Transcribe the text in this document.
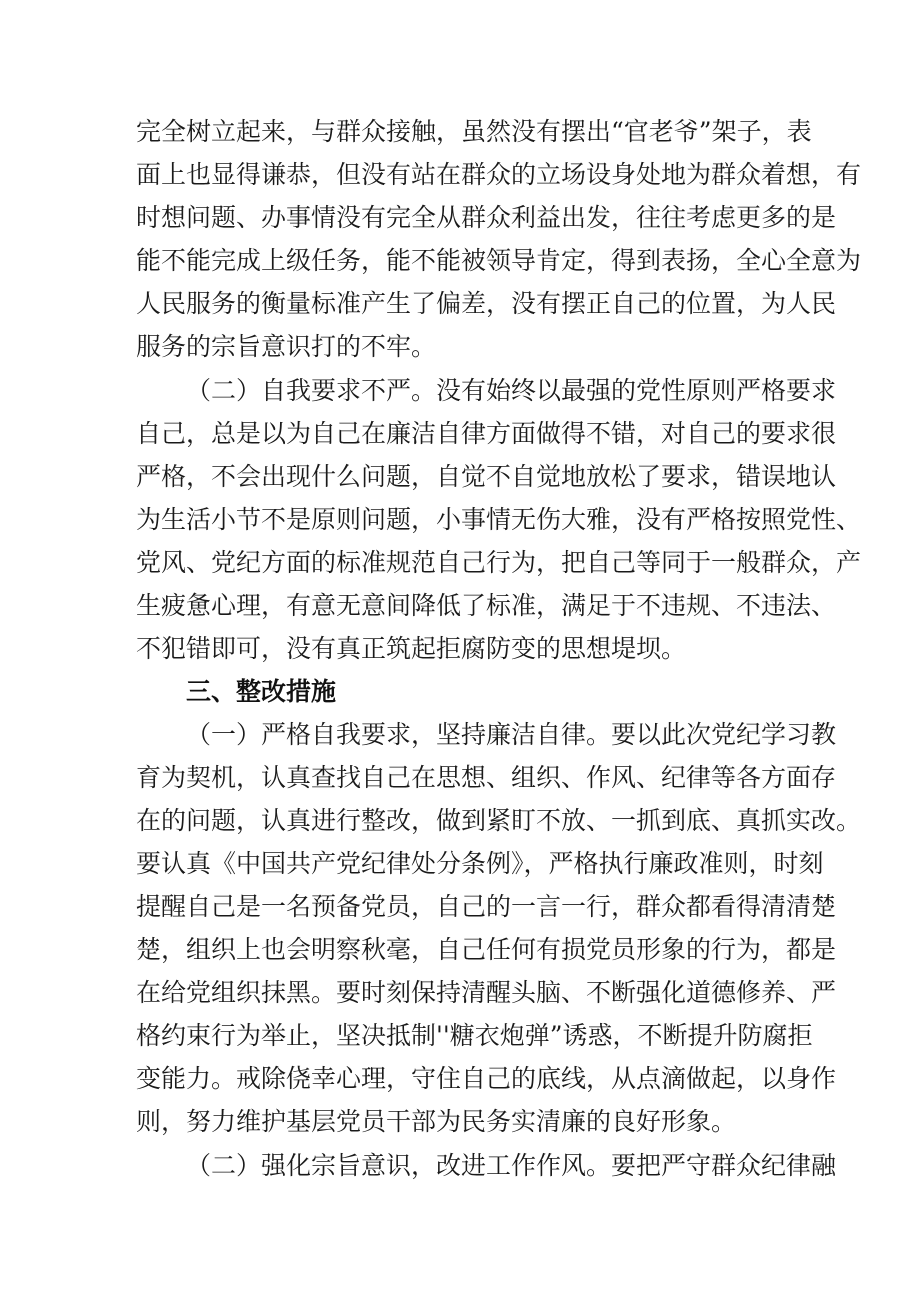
完全树立起来，与群众接触，虽然没有摆出“官老爷”架子，表
面上也显得谦恭，但没有站在群众的立场设身处地为群众着想，有
时想问题、办事情没有完全从群众利益出发，往往考虑更多的是
能不能完成上级任务，能不能被领导肯定，得到表扬，全心全意为
人民服务的衡量标准产生了偏差，没有摆正自己的位置，为人民
服务的宗旨意识打的不牢。
（二）自我要求不严。没有始终以最强的党性原则严格要求
自己，总是以为自己在廉洁自律方面做得不错，对自己的要求很
严格，不会出现什么问题，自觉不自觉地放松了要求，错误地认
为生活小节不是原则问题，小事情无伤大雅，没有严格按照党性、
党风、党纪方面的标准规范自己行为，把自己等同于一般群众，产
生疲惫心理，有意无意间降低了标准，满足于不违规、不违法、
不犯错即可，没有真正筑起拒腐防变的思想堤坝。
三、整改措施
（一）严格自我要求，坚持廉洁自律。要以此次党纪学习教
育为契机，认真查找自己在思想、组织、作风、纪律等各方面存
在的问题，认真进行整改，做到紧盯不放、一抓到底、真抓实改。
要认真《中国共产党纪律处分条例》，严格执行廉政准则，时刻
提醒自己是一名预备党员，自己的一言一行，群众都看得清清楚
楚，组织上也会明察秋毫，自己任何有损党员形象的行为，都是
在给党组织抹黑。要时刻保持清醒头脑、不断强化道德修养、严
格约束行为举止，坚决抵制''糖衣炮弹”诱惑，不断提升防腐拒
变能力。戒除侥幸心理，守住自己的底线，从点滴做起，以身作
则，努力维护基层党员干部为民务实清廉的良好形象。
（二）强化宗旨意识，改进工作作风。要把严守群众纪律融
